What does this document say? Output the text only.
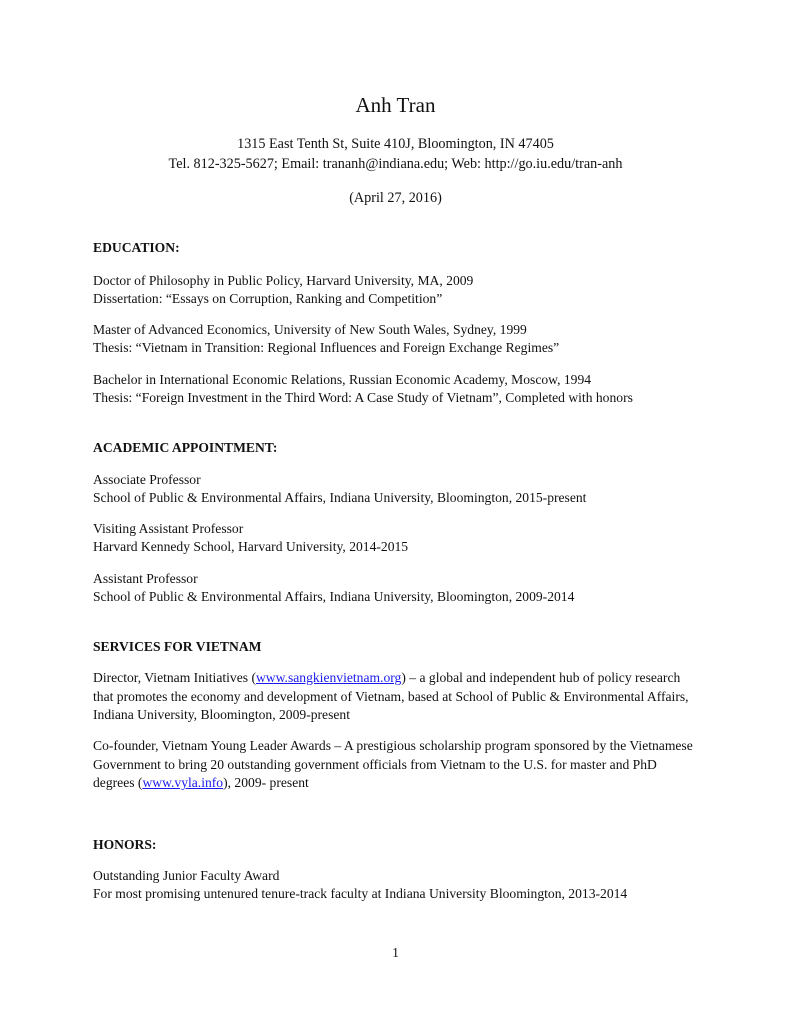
Anh Tran

1315 East Tenth St, Suite 410J, Bloomington, IN 47405

Tel. 812-325-5627; Email: trananh@indiana.edu; Web: http://go.iu.edu/tran-anh

(April 27, 2016)

EDUCATION:

Doctor of Philosophy in Public Policy, Harvard University, MA, 2009

Dissertation: “Essays on Corruption, Ranking and Competition”

Master of Advanced Economics, University of New South Wales, Sydney, 1999

Thesis: “Vietnam in Transition: Regional Influences and Foreign Exchange Regimes”

Bachelor in International Economic Relations, Russian Economic Academy, Moscow, 1994

Thesis: “Foreign Investment in the Third Word: A Case Study of Vietnam”, Completed with honors

ACADEMIC APPOINTMENT:

Associate Professor

School of Public & Environmental Affairs, Indiana University, Bloomington, 2015-present

Visiting Assistant Professor

Harvard Kennedy School, Harvard University, 2014-2015

Assistant Professor

School of Public & Environmental Affairs, Indiana University, Bloomington, 2009-2014

SERVICES FOR VIETNAM

Director, Vietnam Initiatives (www.sangkienvietnam.org) – a global and independent hub of policy research that promotes the economy and development of Vietnam, based at School of Public & Environmental Affairs, Indiana University, Bloomington, 2009-present

Co-founder, Vietnam Young Leader Awards – A prestigious scholarship program sponsored by the Vietnamese Government to bring 20 outstanding government officials from Vietnam to the U.S. for master and PhD degrees (www.vyla.info), 2009- present

HONORS:

Outstanding Junior Faculty Award

For most promising untenured tenure-track faculty at Indiana University Bloomington, 2013-2014

1
